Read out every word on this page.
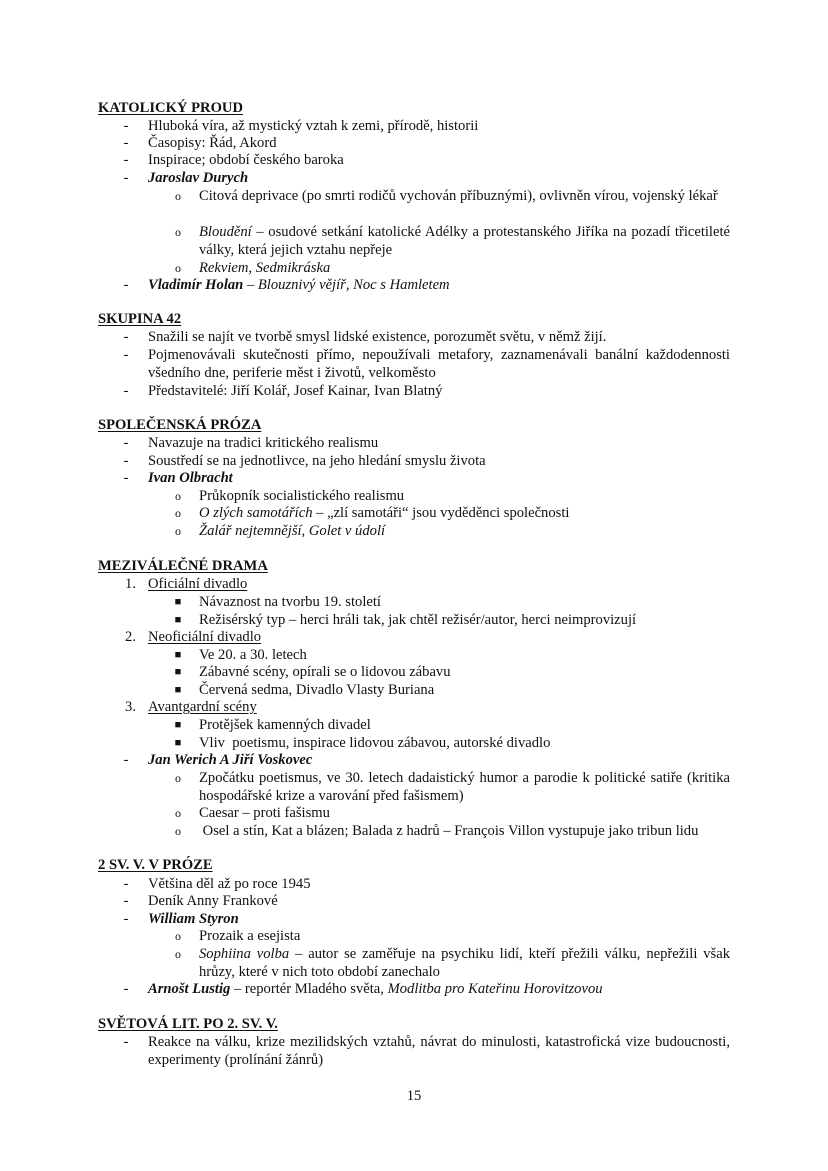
KATOLICKÝ PROUD
- Hluboká víra, až mystický vztah k zemi, přírodě, historii
- Časopisy: Řád, Akord
- Inspirace; období českého baroka
- Jaroslav Durych
o Citová deprivace (po smrti rodičů vychován příbuznými), ovlivněn vírou, vojenský lékař
o Bloudění – osudové setkání katolické Adélky a protestanského Jiříka na pozadí třicetileté války, která jejich vztahu nepřeje
o Rekviem, Sedmikráska
- Vladimír Holan – Blouznivý vějíř, Noc s Hamletem
SKUPINA 42
- Snažili se najít ve tvorbě smysl lidské existence, porozumět světu, v němž žijí.
- Pojmenovávali skutečnosti přímo, nepoužívali metafory, zaznamenávali banální každodennosti všedního dne, periferie měst i životů, velkoměsto
- Představitelé: Jiří Kolář, Josef Kainar, Ivan Blatný
SPOLEČENSKÁ PRÓZA
- Navazuje na tradici kritického realismu
- Soustředí se na jednotlivce, na jeho hledání smyslu života
- Ivan Olbracht
o Průkopník socialistického realismu
o O zlých samotářích – „zlí samotáři“ jsou vyděděnci společnosti
o Žalář nejtemnější, Golet v údolí
MEZIVÁLEČNÉ DRAMA
1. Oficiální divadlo
■ Návaznost na tvorbu 19. století
■ Režisérský typ – herci hráli tak, jak chtěl režisér/autor, herci neimprovizují
2. Neoficiální divadlo
■ Ve 20. a 30. letech
■ Zábavné scény, opírali se o lidovou zábavu
■ Červená sedma, Divadlo Vlasty Buriana
3. Avantgardní scény
■ Protějšek kamenných divadel
■ Vliv  poetismu, inspirace lidovou zábavou, autorské divadlo
- Jan Werich A Jiří Voskovec
o Zpočátku poetismus, ve 30. letech dadaistický humor a parodie k politické satiře (kritika hospodářské krize a varování před fašismem)
o Caesar – proti fašismu
o Osel a stín, Kat a blázen; Balada z hadrů – François Villon vystupuje jako tribun lidu
2 SV. V. V PRÓZE
- Většina děl až po roce 1945
- Deník Anny Frankové
- William Styron
o Prozaik a esejista
o Sophiina volba – autor se zaměřuje na psychiku lidí, kteří přežili válku, nepřežili však hrůzy, které v nich toto období zanechalo
- Arnošt Lustig – reportér Mladého světa, Modlitba pro Kateřinu Horovitzovou
SVĚTOVÁ LIT. PO 2. SV. V.
- Reakce na válku, krize mezilidských vztahů, návrat do minulosti, katastrofická vize budoucnosti, experimenty (prolínání žánrů)
15
